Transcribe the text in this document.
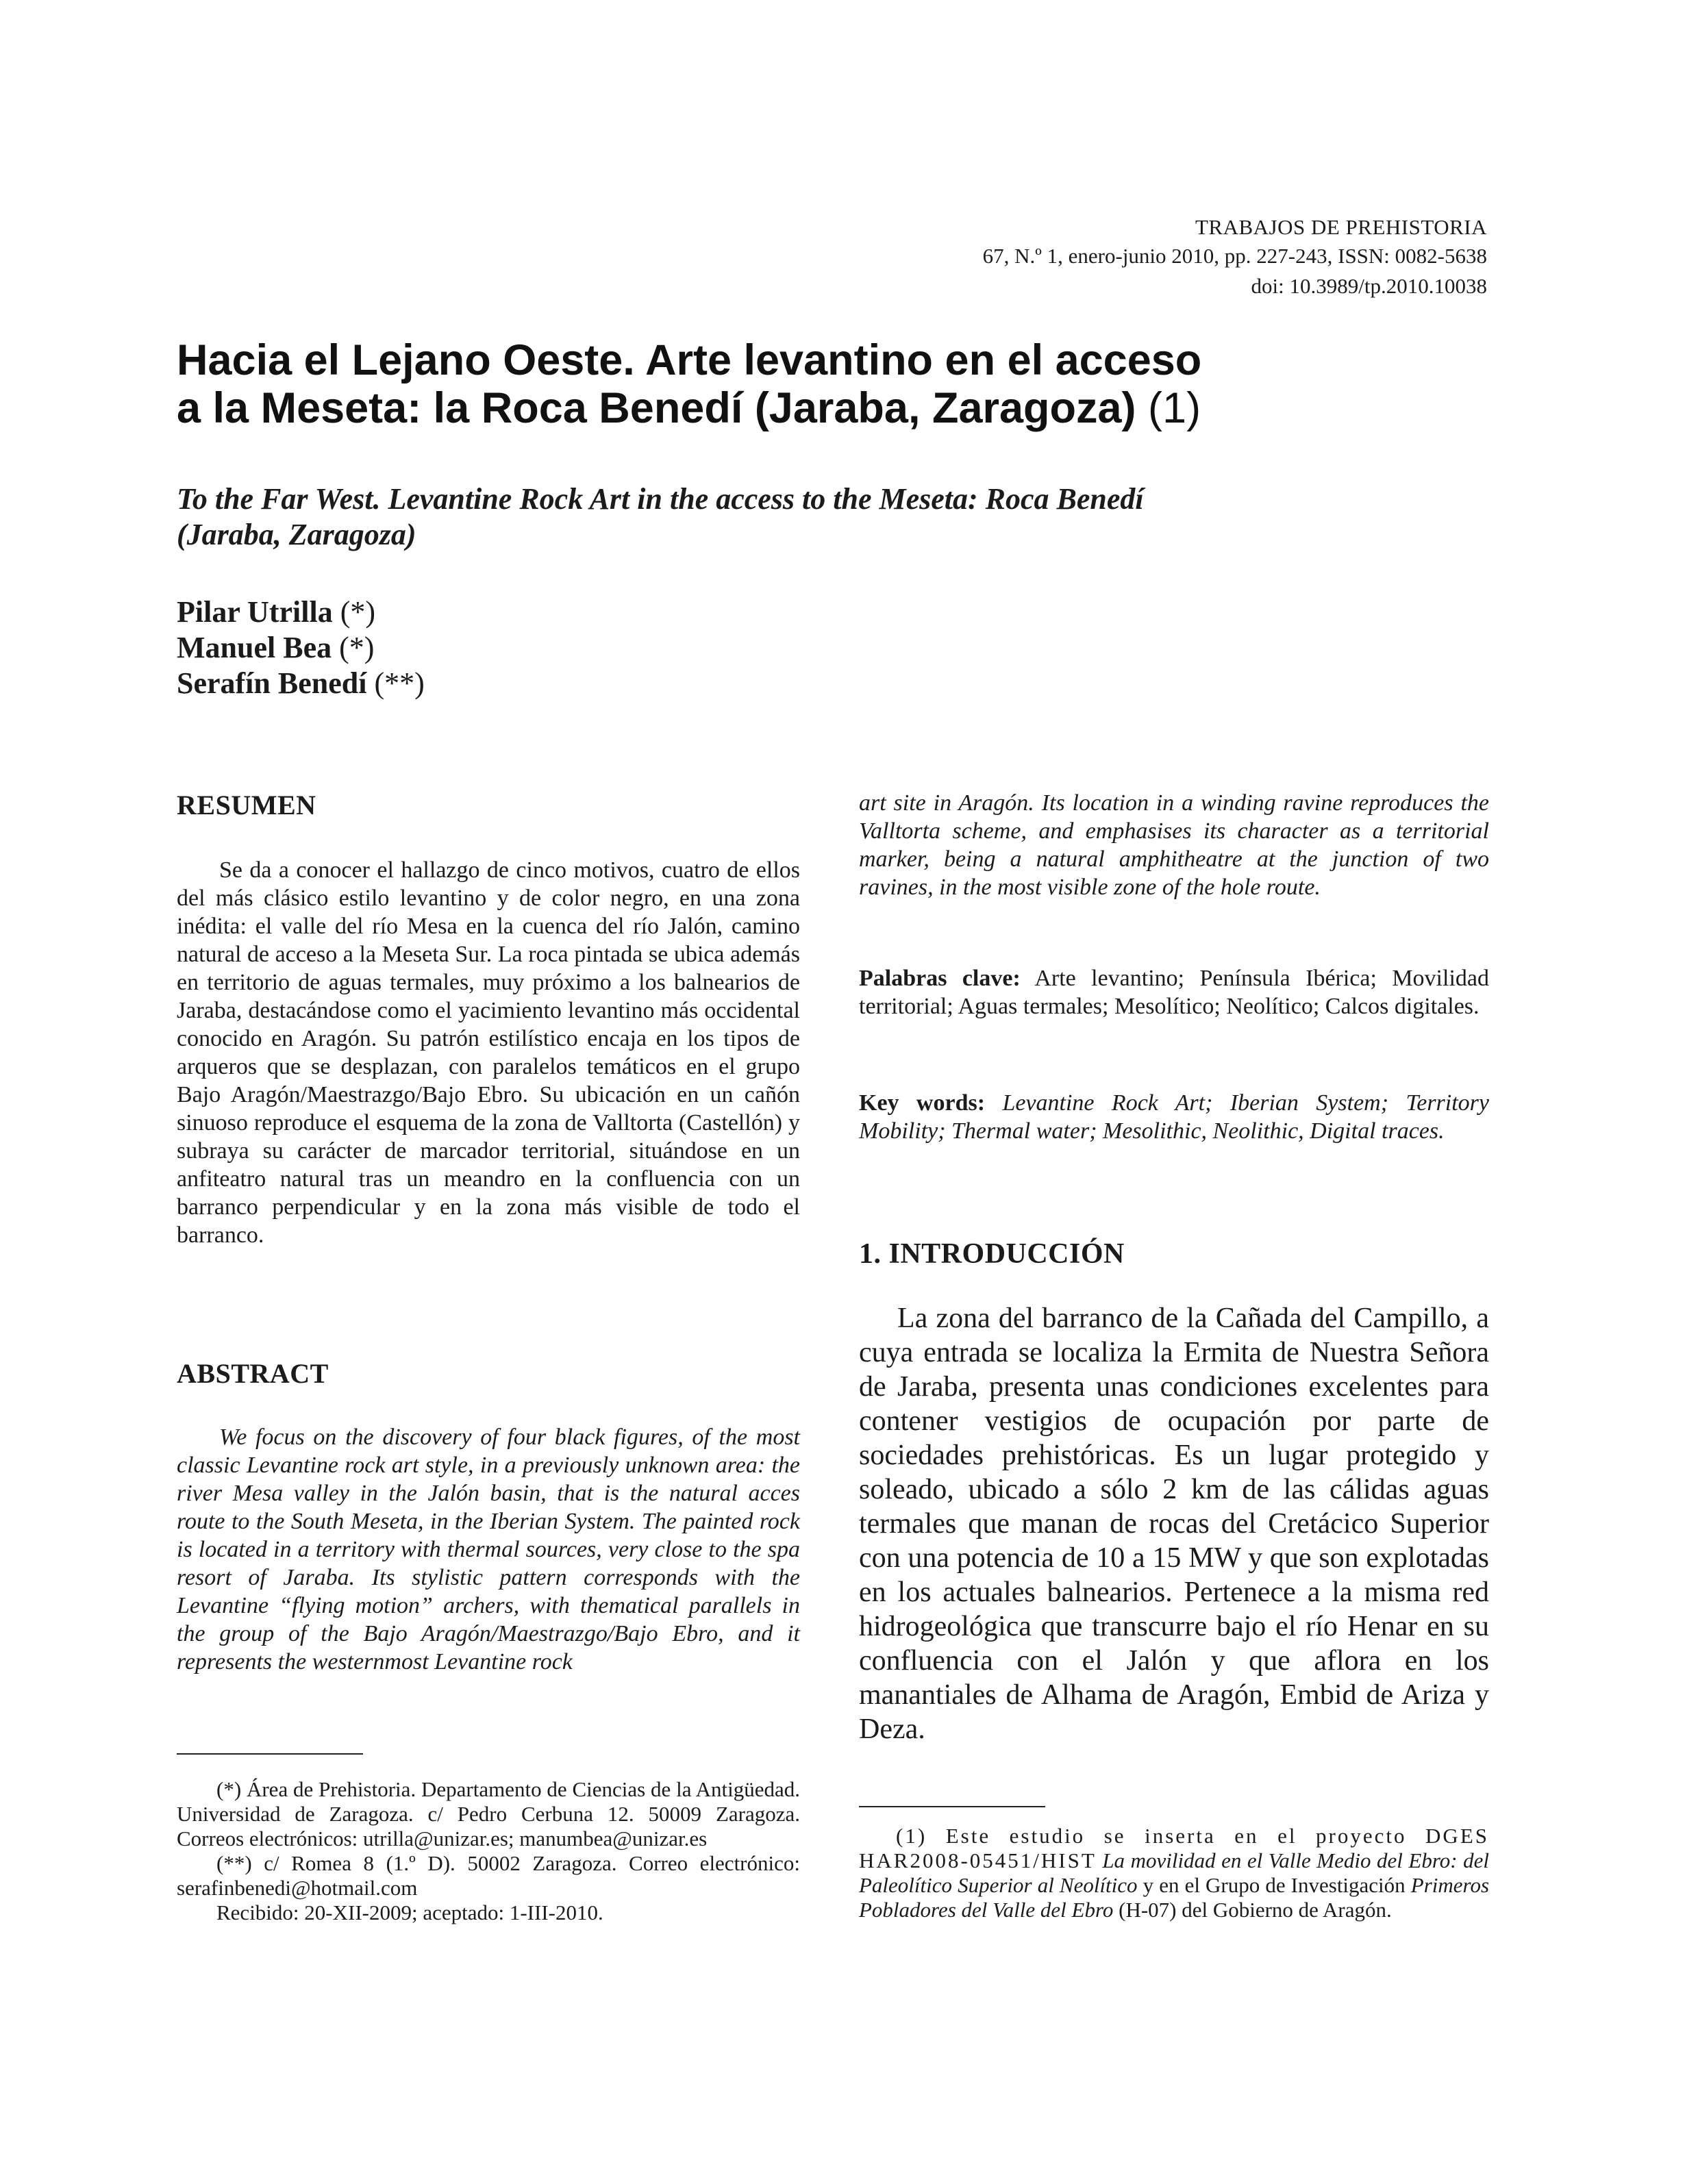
TRABAJOS DE PREHISTORIA
67, N.º 1, enero-junio 2010, pp. 227-243, ISSN: 0082-5638
doi: 10.3989/tp.2010.10038
Hacia el Lejano Oeste. Arte levantino en el acceso
a la Meseta: la Roca Benedí (Jaraba, Zaragoza) (1)
To the Far West. Levantine Rock Art in the access to the Meseta: Roca Benedí
(Jaraba, Zaragoza)
Pilar Utrilla (*)
Manuel Bea (*)
Serafín Benedí (**)
RESUMEN

Se da a conocer el hallazgo de cinco motivos, cuatro de ellos del más clásico estilo levantino y de color negro, en una zona inédita: el valle del río Mesa en la cuenca del río Jalón, camino natural de acceso a la Meseta Sur. La roca pintada se ubica además en territorio de aguas termales, muy próximo a los balnearios de Jaraba, destacándose como el yacimiento levantino más occidental conocido en Aragón. Su patrón estilístico encaja en los tipos de arqueros que se desplazan, con paralelos temáticos en el grupo Bajo Aragón/Maestrazgo/Bajo Ebro. Su ubicación en un cañón sinuoso reproduce el esquema de la zona de Valltorta (Castellón) y subraya su carácter de marcador territorial, situándose en un anfiteatro natural tras un meandro en la confluencia con un barranco perpendicular y en la zona más visible de todo el barranco.

ABSTRACT

We focus on the discovery of four black figures, of the most classic Levantine rock art style, in a previously unknown area: the river Mesa valley in the Jalón basin, that is the natural acces route to the South Meseta, in the Iberian System. The painted rock is located in a territory with thermal sources, very close to the spa resort of Jaraba. Its stylistic pattern corresponds with the Levantine “flying motion” archers, with thematical parallels in the group of the Bajo Aragón/Maestrazgo/Bajo Ebro, and it represents the westernmost Levantine rock

(*) Área de Prehistoria. Departamento de Ciencias de la Antigüedad. Universidad de Zaragoza. c/ Pedro Cerbuna 12. 50009 Zaragoza. Correos electrónicos: utrilla@unizar.es; manumbea@unizar.es

(**) c/ Romea 8 (1.º D). 50002 Zaragoza. Correo electrónico: serafinbenedi@hotmail.com

Recibido: 20-XII-2009; aceptado: 1-III-2010.

art site in Aragón. Its location in a winding ravine reproduces the Valltorta scheme, and emphasises its character as a territorial marker, being a natural amphitheatre at the junction of two ravines, in the most visible zone of the hole route.

Palabras clave: Arte levantino; Península Ibérica; Movilidad territorial; Aguas termales; Mesolítico; Neolítico; Calcos digitales.

Key words: Levantine Rock Art; Iberian System; Territory Mobility; Thermal water; Mesolithic, Neolithic, Digital traces.

1. INTRODUCCIÓN

La zona del barranco de la Cañada del Campillo, a cuya entrada se localiza la Ermita de Nuestra Señora de Jaraba, presenta unas condiciones excelentes para contener vestigios de ocupación por parte de sociedades prehistóricas. Es un lugar protegido y soleado, ubicado a sólo 2 km de las cálidas aguas termales que manan de rocas del Cretácico Superior con una potencia de 10 a 15 MW y que son explotadas en los actuales balnearios. Pertenece a la misma red hidrogeológica que transcurre bajo el río Henar en su confluencia con el Jalón y que aflora en los manantiales de Alhama de Aragón, Embid de Ariza y Deza.

(1) Este estudio se inserta en el proyecto DGES HAR2008-05451/HIST La movilidad en el Valle Medio del Ebro: del Paleolítico Superior al Neolítico y en el Grupo de Investigación Primeros Pobladores del Valle del Ebro (H-07) del Gobierno de Aragón.
